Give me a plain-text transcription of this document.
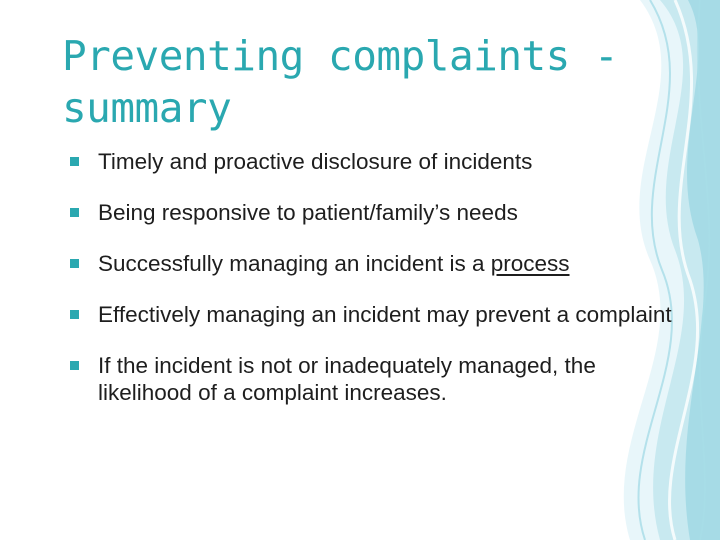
Preventing complaints - summary
Timely and proactive disclosure of incidents
Being responsive to patient/family’s needs
Successfully managing an incident is a process
Effectively managing an incident may prevent a complaint
If the incident is not or inadequately managed, the likelihood of a complaint increases.
